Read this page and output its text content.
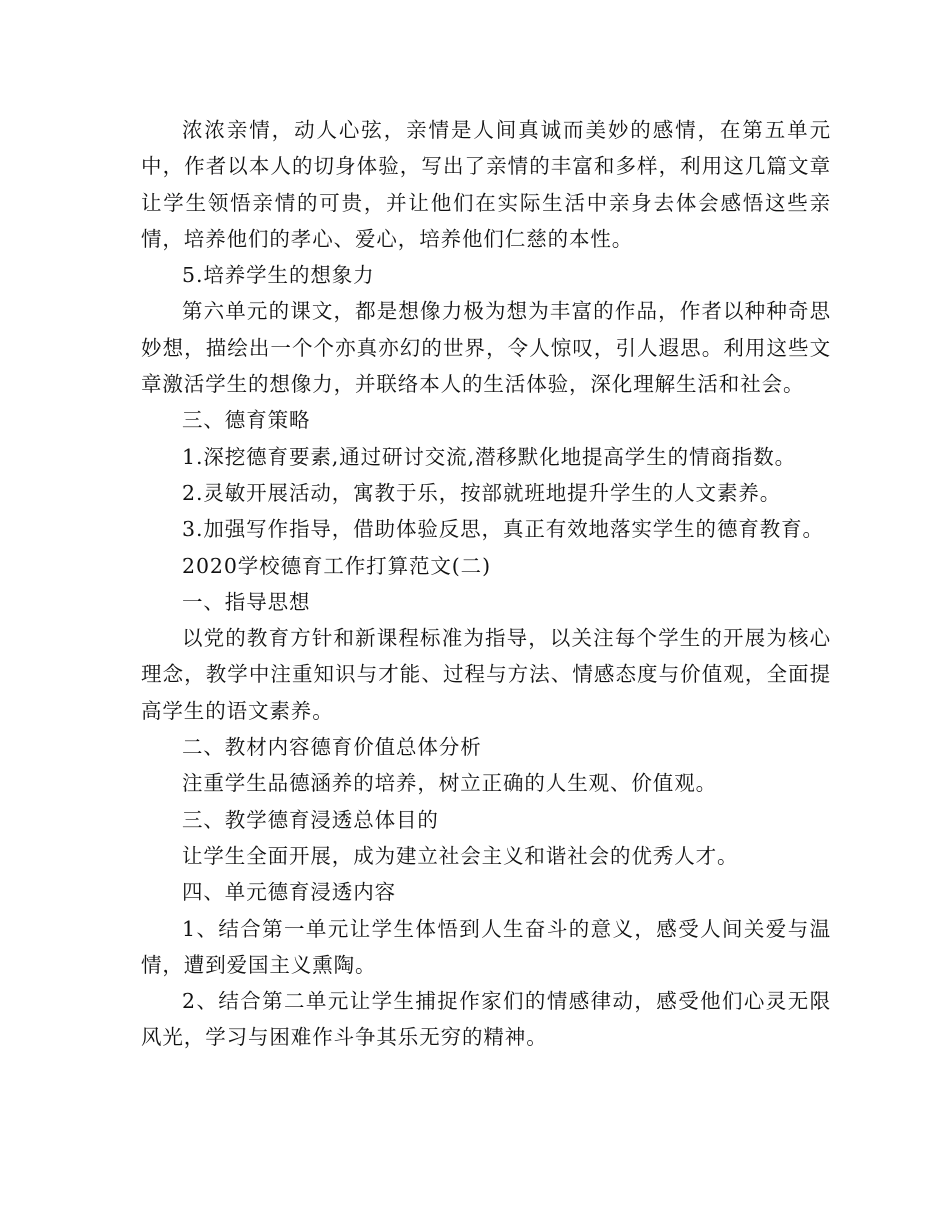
浓浓亲情，动人心弦，亲情是人间真诚而美妙的感情，在第五单元中，作者以本人的切身体验，写出了亲情的丰富和多样，利用这几篇文章让学生领悟亲情的可贵，并让他们在实际生活中亲身去体会感悟这些亲情，培养他们的孝心、爱心，培养他们仁慈的本性。

5.培养学生的想象力

第六单元的课文，都是想像力极为想为丰富的作品，作者以种种奇思妙想，描绘出一个个亦真亦幻的世界，令人惊叹，引人遐思。利用这些文章激活学生的想像力，并联络本人的生活体验，深化理解生活和社会。

三、德育策略

1.深挖德育要素,通过研讨交流,潜移默化地提高学生的情商指数。

2.灵敏开展活动，寓教于乐，按部就班地提升学生的人文素养。

3.加强写作指导，借助体验反思，真正有效地落实学生的德育教育。

2020学校德育工作打算范文(二)

一、指导思想

以党的教育方针和新课程标准为指导，以关注每个学生的开展为核心理念，教学中注重知识与才能、过程与方法、情感态度与价值观，全面提高学生的语文素养。

二、教材内容德育价值总体分析

注重学生品德涵养的培养，树立正确的人生观、价值观。

三、教学德育浸透总体目的

让学生全面开展，成为建立社会主义和谐社会的优秀人才。

四、单元德育浸透内容

1、结合第一单元让学生体悟到人生奋斗的意义，感受人间关爱与温情，遭到爱国主义熏陶。

2、结合第二单元让学生捕捉作家们的情感律动，感受他们心灵无限风光，学习与困难作斗争其乐无穷的精神。
